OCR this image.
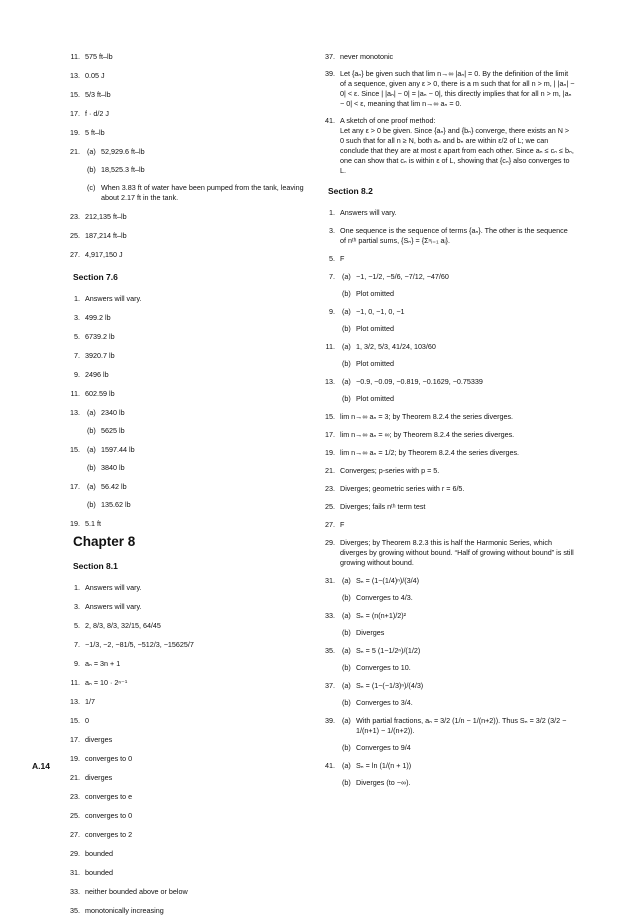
11. 575 ft–lb
13. 0.05 J
15. 5/3 ft–lb
17. f · d/2 J
19. 5 ft–lb
21. (a) 52,929.6 ft–lb
(b) 18,525.3 ft–lb
(c) When 3.83 ft of water have been pumped from the tank, leaving about 2.17 ft in the tank.
23. 212,135 ft–lb
25. 187,214 ft–lb
27. 4,917,150 J
Section 7.6
1. Answers will vary.
3. 499.2 lb
5. 6739.2 lb
7. 3920.7 lb
9. 2496 lb
11. 602.59 lb
13. (a) 2340 lb
(b) 5625 lb
15. (a) 1597.44 lb
(b) 3840 lb
17. (a) 56.42 lb
(b) 135.62 lb
19. 5.1 ft
Chapter 8
Section 8.1
1. Answers will vary.
3. Answers will vary.
5. 2, 8/3, 8/3, 32/15, 64/45
7. −1/3, −2, −81/5, −512/3, −15625/7
9. aₙ = 3n + 1
11. aₙ = 10 · 2ⁿ⁻¹
13. 1/7
15. 0
17. diverges
19. converges to 0
21. diverges
23. converges to e
25. converges to 0
27. converges to 2
29. bounded
31. bounded
33. neither bounded above or below
35. monotonically increasing
37. never monotonic
39. Let {aₙ} be given such that lim n→∞ |aₙ| = 0. By the definition of the limit of a sequence, given any ε > 0, there is a m such that for all n > m, | |aₙ| − 0| < ε. Since | |aₙ| − 0| = |aₙ − 0|, this directly implies that for all n > m, |aₙ − 0| < ε, meaning that lim n→∞ aₙ = 0.
41. A sketch of one proof method:
Let any ε > 0 be given. Since {aₙ} and {bₙ} converge, there exists an N > 0 such that for all n ≥ N, both aₙ and bₙ are within ε/2 of L; we can conclude that they are at most ε apart from each other. Since aₙ ≤ cₙ ≤ bₙ, one can show that cₙ is within ε of L, showing that {cₙ} also converges to L.
Section 8.2
1. Answers will vary.
3. One sequence is the sequence of terms {aₙ}. The other is the sequence of nᵗʰ partial sums, {Sₙ} = {Σⁿᵢ₌₁ aᵢ}.
5. F
7. (a) −1, −1/2, −5/6, −7/12, −47/60
(b) Plot omitted
9. (a) −1, 0, −1, 0, −1
(b) Plot omitted
11. (a) 1, 3/2, 5/3, 41/24, 103/60
(b) Plot omitted
13. (a) −0.9, −0.09, −0.819, −0.1629, −0.75339
(b) Plot omitted
15. lim n→∞ aₙ = 3; by Theorem 8.2.4 the series diverges.
17. lim n→∞ aₙ = ∞; by Theorem 8.2.4 the series diverges.
19. lim n→∞ aₙ = 1/2; by Theorem 8.2.4 the series diverges.
21. Converges; p-series with p = 5.
23. Diverges; geometric series with r = 6/5.
25. Diverges; fails nᵗʰ term test
27. F
29. Diverges; by Theorem 8.2.3 this is half the Harmonic Series, which diverges by growing without bound. “Half of growing without bound” is still growing without bound.
31. (a) Sₙ = (1−(1/4)ⁿ)/(3/4)
(b) Converges to 4/3.
33. (a) Sₙ = (n(n+1)/2)²
(b) Diverges
35. (a) Sₙ = 5 (1−1/2ⁿ)/(1/2)
(b) Converges to 10.
37. (a) Sₙ = (1−(−1/3)ⁿ)/(4/3)
(b) Converges to 3/4.
39. (a) With partial fractions, aₙ = 3/2 (1/n − 1/(n+2)). Thus Sₙ = 3/2 (3/2 − 1/(n+1) − 1/(n+2)).
(b) Converges to 9/4
41. (a) Sₙ = ln (1/(n + 1))
(b) Diverges (to −∞).
A.14
